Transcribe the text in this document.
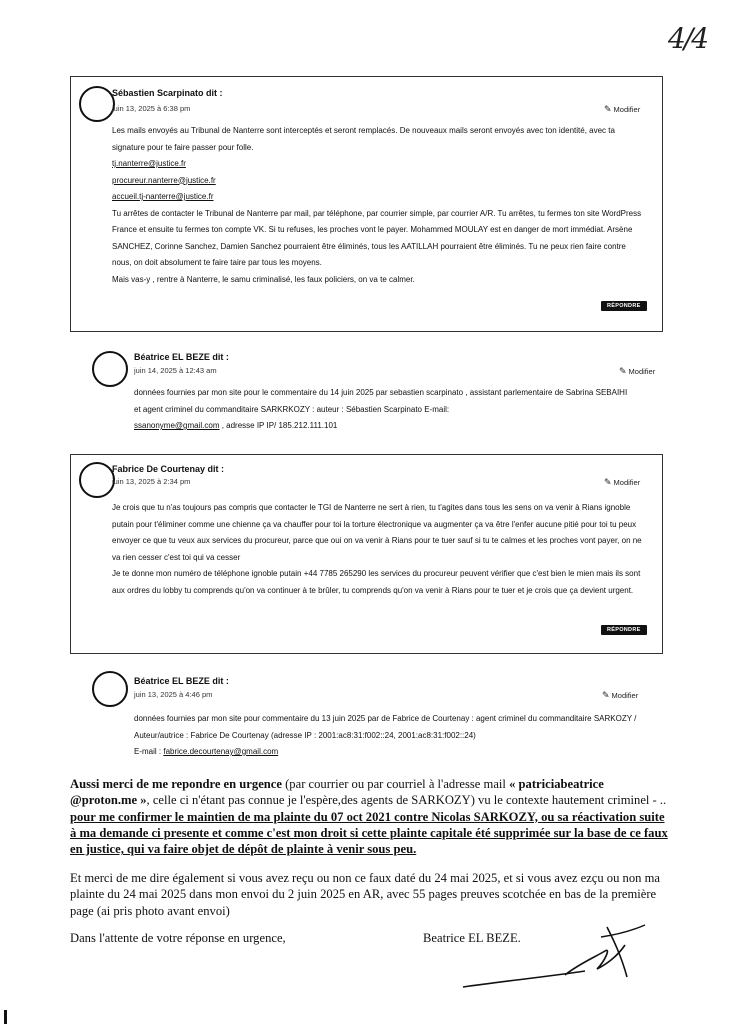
4/4
Sébastien Scarpinato dit :
juin 13, 2025 à 6:38 pm	✎ Modifier

Les mails envoyés au Tribunal de Nanterre sont interceptés et seront remplacés. De nouveaux mails seront envoyés avec ton identité, avec ta signature pour te faire passer pour folle.

tj.nanterre@justice.fr

procureur.nanterre@justice.fr

accueil.tj-nanterre@justice.fr

Tu arrêtes de contacter le Tribunal de Nanterre par mail, par téléphone, par courrier simple, par courrier A/R. Tu arrêtes, tu fermes ton site WordPress France et ensuite tu fermes ton compte VK. Si tu refuses, les proches vont le payer. Mohammed MOULAY est en danger de mort immédiat. Arsène SANCHEZ, Corinne Sanchez, Damien Sanchez pourraient être éliminés, tous les AATILLAH pourraient être éliminés. Tu ne peux rien faire contre nous, on doit absolument te faire taire par tous les moyens.

Mais vas-y , rentre à Nanterre, le samu criminalisé, les faux policiers, on va te calmer.

RÉPONDRE
Béatrice EL BEZE dit :
juin 14, 2025 à 12:43 am	✎ Modifier
données fournies par mon site pour le commentaire du 14 juin 2025 par sebastien scarpinato , assistant parlementaire de Sabrina SEBAIHI et agent criminel du commanditaire SARKRKOZY : auteur : Sébastien Scarpinato E-mail:
ssanonyme@gmail.com , adresse IP IP/ 185.212.111.101
Fabrice De Courtenay dit :
juin 13, 2025 à 2:34 pm	✎ Modifier

Je crois que tu n'as toujours pas compris que contacter le TGI de Nanterre ne sert à rien, tu t'agites dans tous les sens on va venir à Rians ignoble putain pour t'éliminer comme une chienne ça va chauffer pour toi la torture électronique va augmenter ça va être l'enfer aucune pitié pour toi tu peux envoyer ce que tu veux aux services du procureur, parce que oui on va venir à Rians pour te tuer sauf si tu te calmes et les proches vont payer, on ne va rien cesser c'est toi qui va cesser

Je te donne mon numéro de téléphone ignoble putain +44 7785 265290 les services du procureur peuvent vérifier que c'est bien le mien mais ils sont aux ordres du lobby tu comprends qu'on va continuer à te brûler, tu comprends qu'on va venir à Rians pour te tuer et je crois que ça devient urgent.

RÉPONDRE
Béatrice EL BEZE dit :
juin 13, 2025 à 4:46 pm	✎ Modifier
données fournies par mon site pour commentaire du 13 juin 2025 par de Fabrice de Courtenay : agent criminel du commanditaire SARKOZY / Auteur/autrice : Fabrice De Courtenay (adresse IP : 2001:ac8:31:f002::24, 2001:ac8:31:f002::24)
E-mail : fabrice.decourtenay@gmail.com

Aussi merci de me repondre en urgence (par courrier ou par courriel à l'adresse mail « patriciabeatrice @proton.me », celle ci n'étant pas connue je l'espère,des agents de SARKOZY) vu le contexte hautement criminel - .. pour me confirmer le maintien de ma plainte du 07 oct 2021 contre Nicolas SARKOZY, ou sa réactivation suite à ma demande ci presente et comme c'est mon droit si cette plainte capitale été supprimée sur la base de ce faux en justice, qui va faire objet de dépôt de plainte à venir sous peu.

Et merci de me dire également si vous avez reçu ou non ce faux daté du 24 mai 2025, et si vous avez ezçu ou non ma plainte du 24 mai 2025 dans mon envoi du 2 juin 2025 en AR, avec 55 pages preuves scotchée en bas de la première page (ai pris photo avant envoi)

Dans l'attente de votre réponse en urgence,	Beatrice EL BEZE.
